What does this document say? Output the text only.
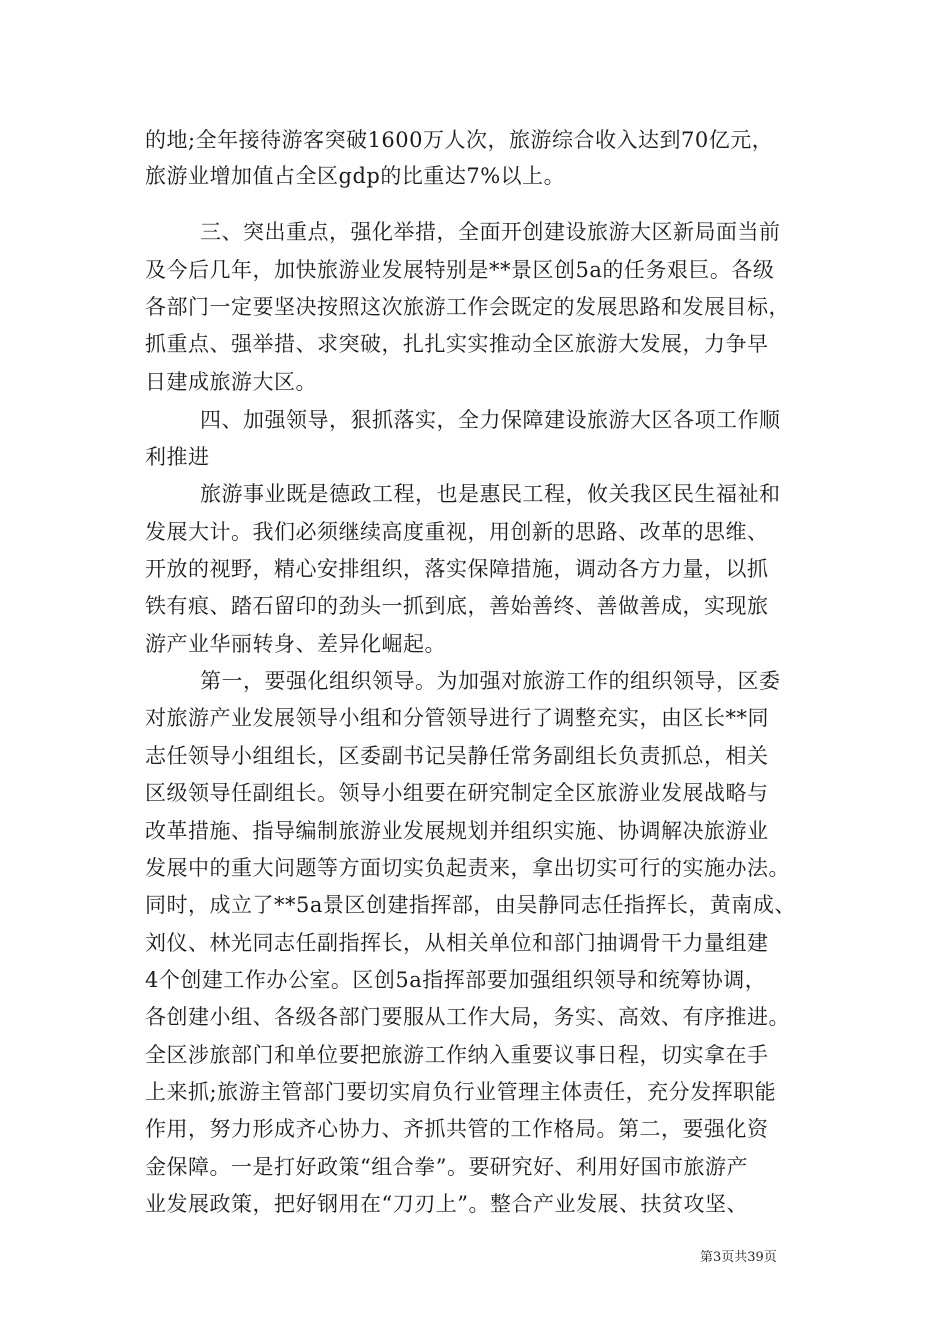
的地;全年接待游客突破1600万人次，旅游综合收入达到70亿元，
旅游业增加值占全区gdp的比重达7%以上。
三、突出重点，强化举措，全面开创建设旅游大区新局面当前
及今后几年，加快旅游业发展特别是**景区创5a的任务艰巨。各级
各部门一定要坚决按照这次旅游工作会既定的发展思路和发展目标，
抓重点、强举措、求突破，扎扎实实推动全区旅游大发展，力争早
日建成旅游大区。
四、加强领导，狠抓落实，全力保障建设旅游大区各项工作顺
利推进
旅游事业既是德政工程，也是惠民工程，攸关我区民生福祉和
发展大计。我们必须继续高度重视，用创新的思路、改革的思维、
开放的视野，精心安排组织，落实保障措施，调动各方力量，以抓
铁有痕、踏石留印的劲头一抓到底，善始善终、善做善成，实现旅
游产业华丽转身、差异化崛起。
第一，要强化组织领导。为加强对旅游工作的组织领导，区委
对旅游产业发展领导小组和分管领导进行了调整充实，由区长**同
志任领导小组组长，区委副书记吴静任常务副组长负责抓总，相关
区级领导任副组长。领导小组要在研究制定全区旅游业发展战略与
改革措施、指导编制旅游业发展规划并组织实施、协调解决旅游业
发展中的重大问题等方面切实负起责来，拿出切实可行的实施办法。
同时，成立了**5a景区创建指挥部，由吴静同志任指挥长，黄南成、
刘仪、林光同志任副指挥长，从相关单位和部门抽调骨干力量组建
4个创建工作办公室。区创5a指挥部要加强组织领导和统筹协调，
各创建小组、各级各部门要服从工作大局，务实、高效、有序推进。
全区涉旅部门和单位要把旅游工作纳入重要议事日程，切实拿在手
上来抓;旅游主管部门要切实肩负行业管理主体责任，充分发挥职能
作用，努力形成齐心协力、齐抓共管的工作格局。第二，要强化资
金保障。一是打好政策“组合拳”。要研究好、利用好国市旅游产
业发展政策，把好钢用在“刀刃上”。整合产业发展、扶贫攻坚、
第3页共39页
